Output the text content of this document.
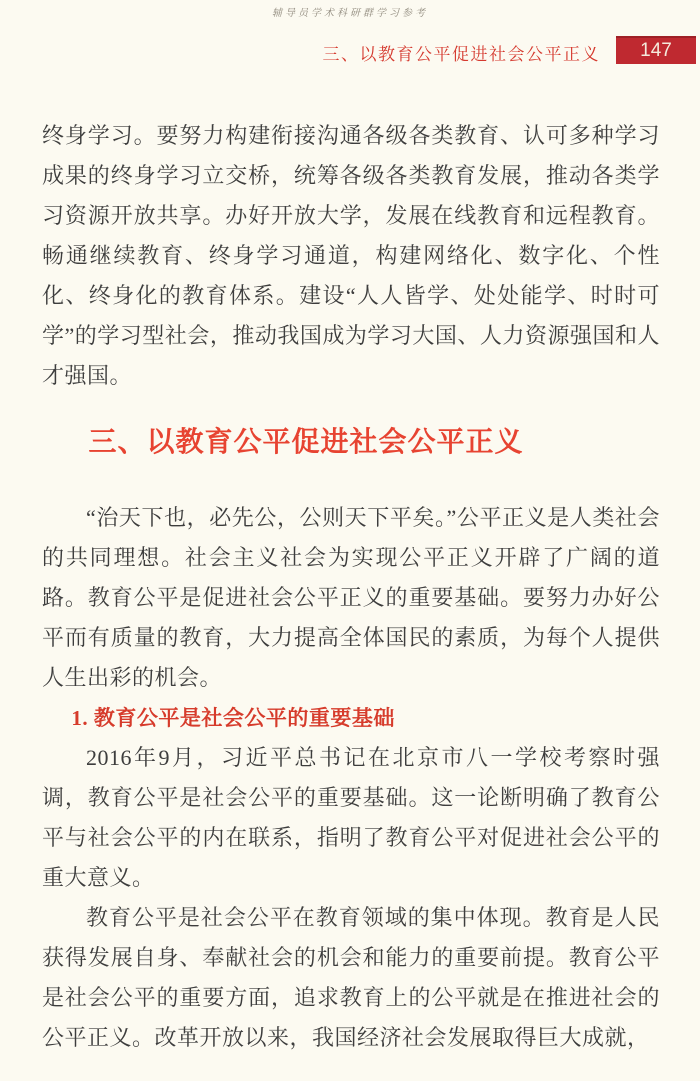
辅导员学术科研群学习参考
三、以教育公平促进社会公平正义 147

终身学习。要努力构建衔接沟通各级各类教育、认可多种学习成果的终身学习立交桥，统筹各级各类教育发展，推动各类学习资源开放共享。办好开放大学，发展在线教育和远程教育。畅通继续教育、终身学习通道，构建网络化、数字化、个性化、终身化的教育体系。建设“人人皆学、处处能学、时时可学”的学习型社会，推动我国成为学习大国、人力资源强国和人才强国。

三、以教育公平促进社会公平正义

“治天下也，必先公，公则天下平矣。”公平正义是人类社会的共同理想。社会主义社会为实现公平正义开辟了广阔的道路。教育公平是促进社会公平正义的重要基础。要努力办好公平而有质量的教育，大力提高全体国民的素质，为每个人提供人生出彩的机会。

1. 教育公平是社会公平的重要基础

2016年9月，习近平总书记在北京市八一学校考察时强调，教育公平是社会公平的重要基础。这一论断明确了教育公平与社会公平的内在联系，指明了教育公平对促进社会公平的重大意义。

教育公平是社会公平在教育领域的集中体现。教育是人民获得发展自身、奉献社会的机会和能力的重要前提。教育公平是社会公平的重要方面，追求教育上的公平就是在推进社会的公平正义。改革开放以来，我国经济社会发展取得巨大成就，
